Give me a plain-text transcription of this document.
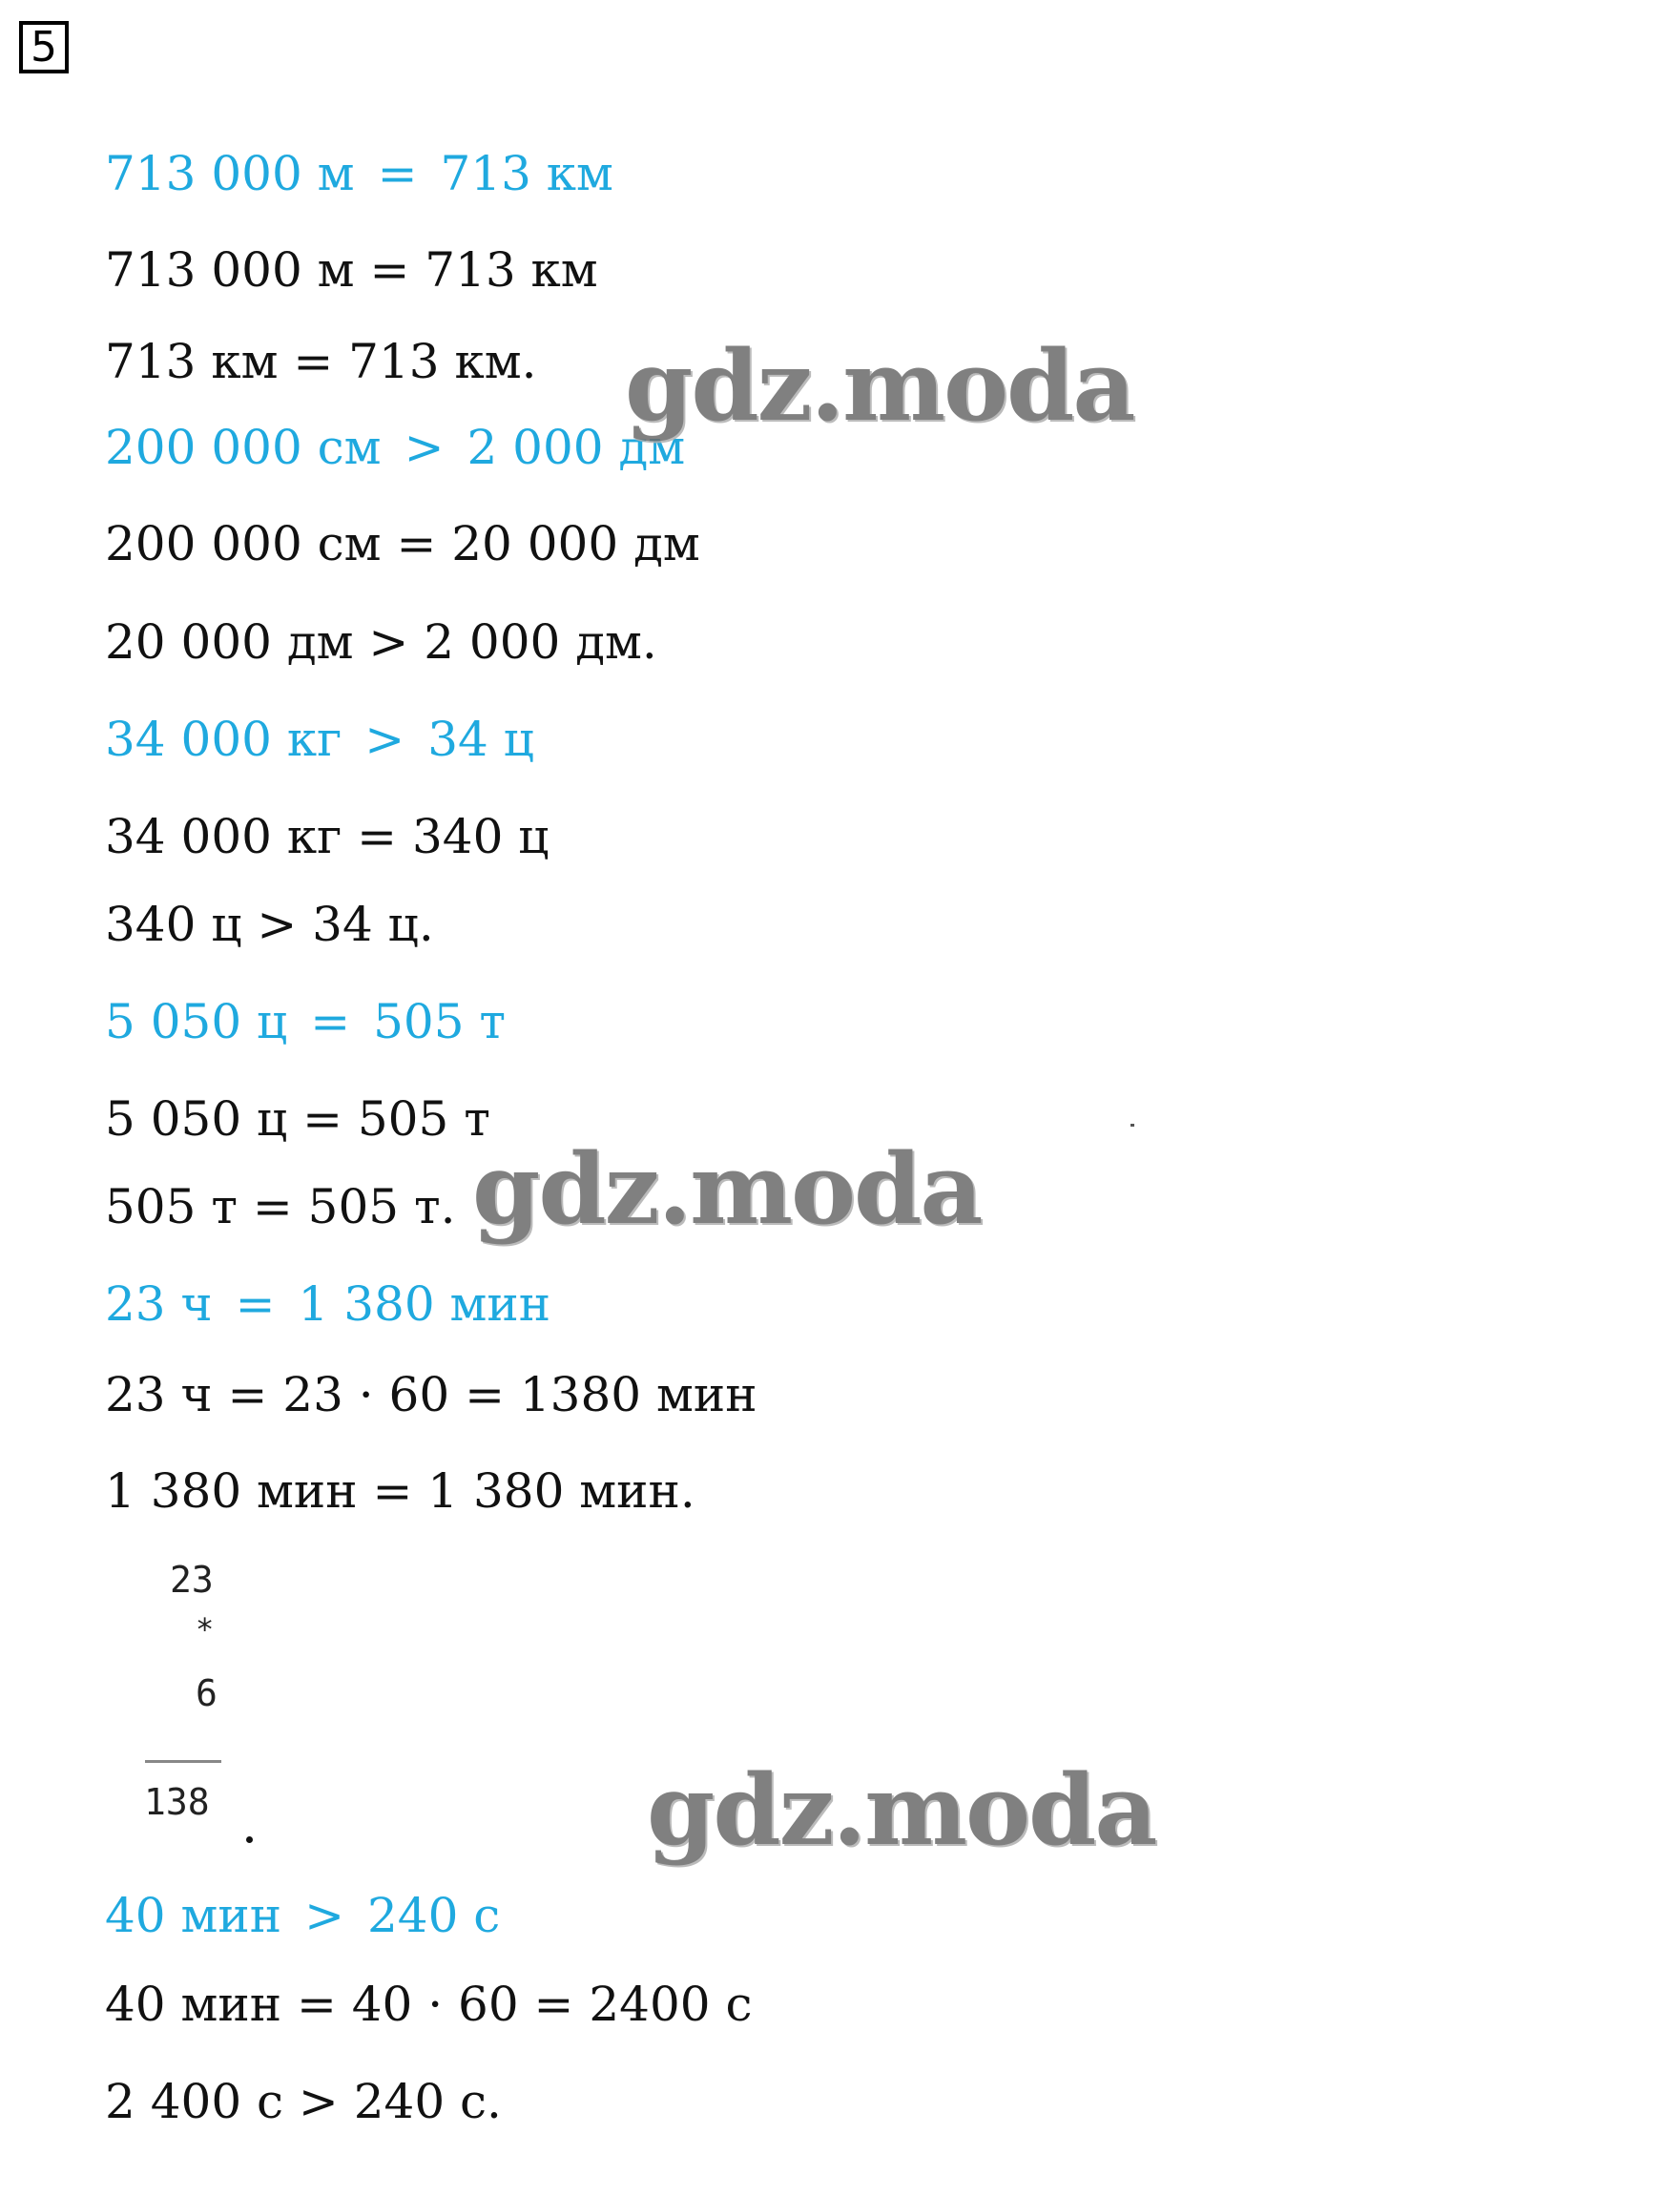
5
713 000 м = 713 км
713 000 м = 713 км
713 км = 713 км.
200 000 см > 2 000 дм
200 000 см = 20 000 дм
20 000 дм > 2 000 дм.
34 000 кг > 34 ц
34 000 кг = 340 ц
340 ц > 34 ц.
5 050 ц = 505 т
5 050 ц = 505 т
505 т = 505 т.
23 ч = 1 380 мин
23 ч = 23 · 60 = 1380 мин
1 380 мин = 1 380 мин.
23
*
6
138
40 мин > 240 с
40 мин = 40 · 60 = 2400 с
2 400 с > 240 с.
gdz.moda
gdz.moda
gdz.moda
